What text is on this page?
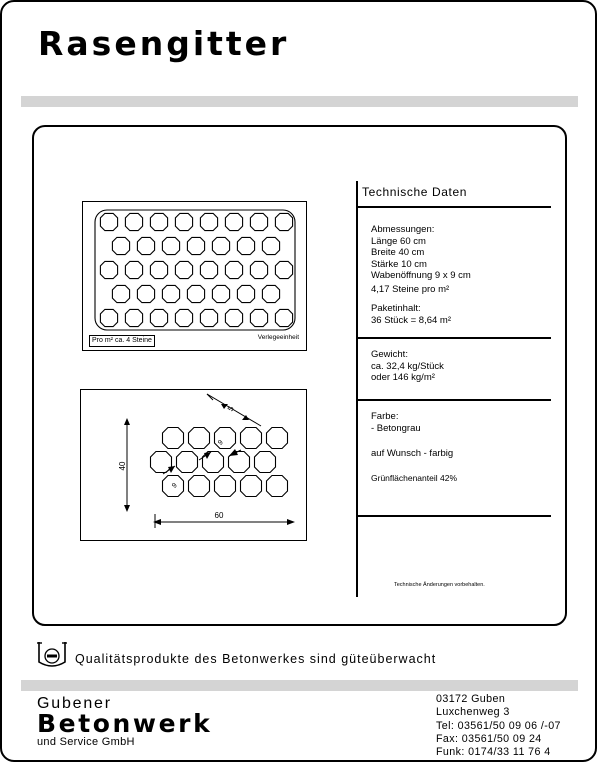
Rasengitter
Pro m² ca. 4 Steine	Verlegeeinheit
40
60
5
9
9
Technische Daten
Abmessungen:
Länge 60 cm
Breite 40 cm
Stärke 10 cm
Wabenöffnung 9 x 9 cm
4,17 Steine pro m²
Paketinhalt:
36 Stück = 8,64 m²
Gewicht:
ca. 32,4 kg/Stück
oder 146 kg/m²
Farbe:
- Betongrau
auf Wunsch - farbig
Grünflächenanteil 42%
Technische Änderungen vorbehalten.
Qualitätsprodukte des Betonwerkes sind güteüberwacht
Gubener
Betonwerk
und Service GmbH
03172 Guben
Luxchenweg 3
Tel: 03561/50 09 06 /-07
Fax: 03561/50 09 24
Funk: 0174/33 11 76 4
